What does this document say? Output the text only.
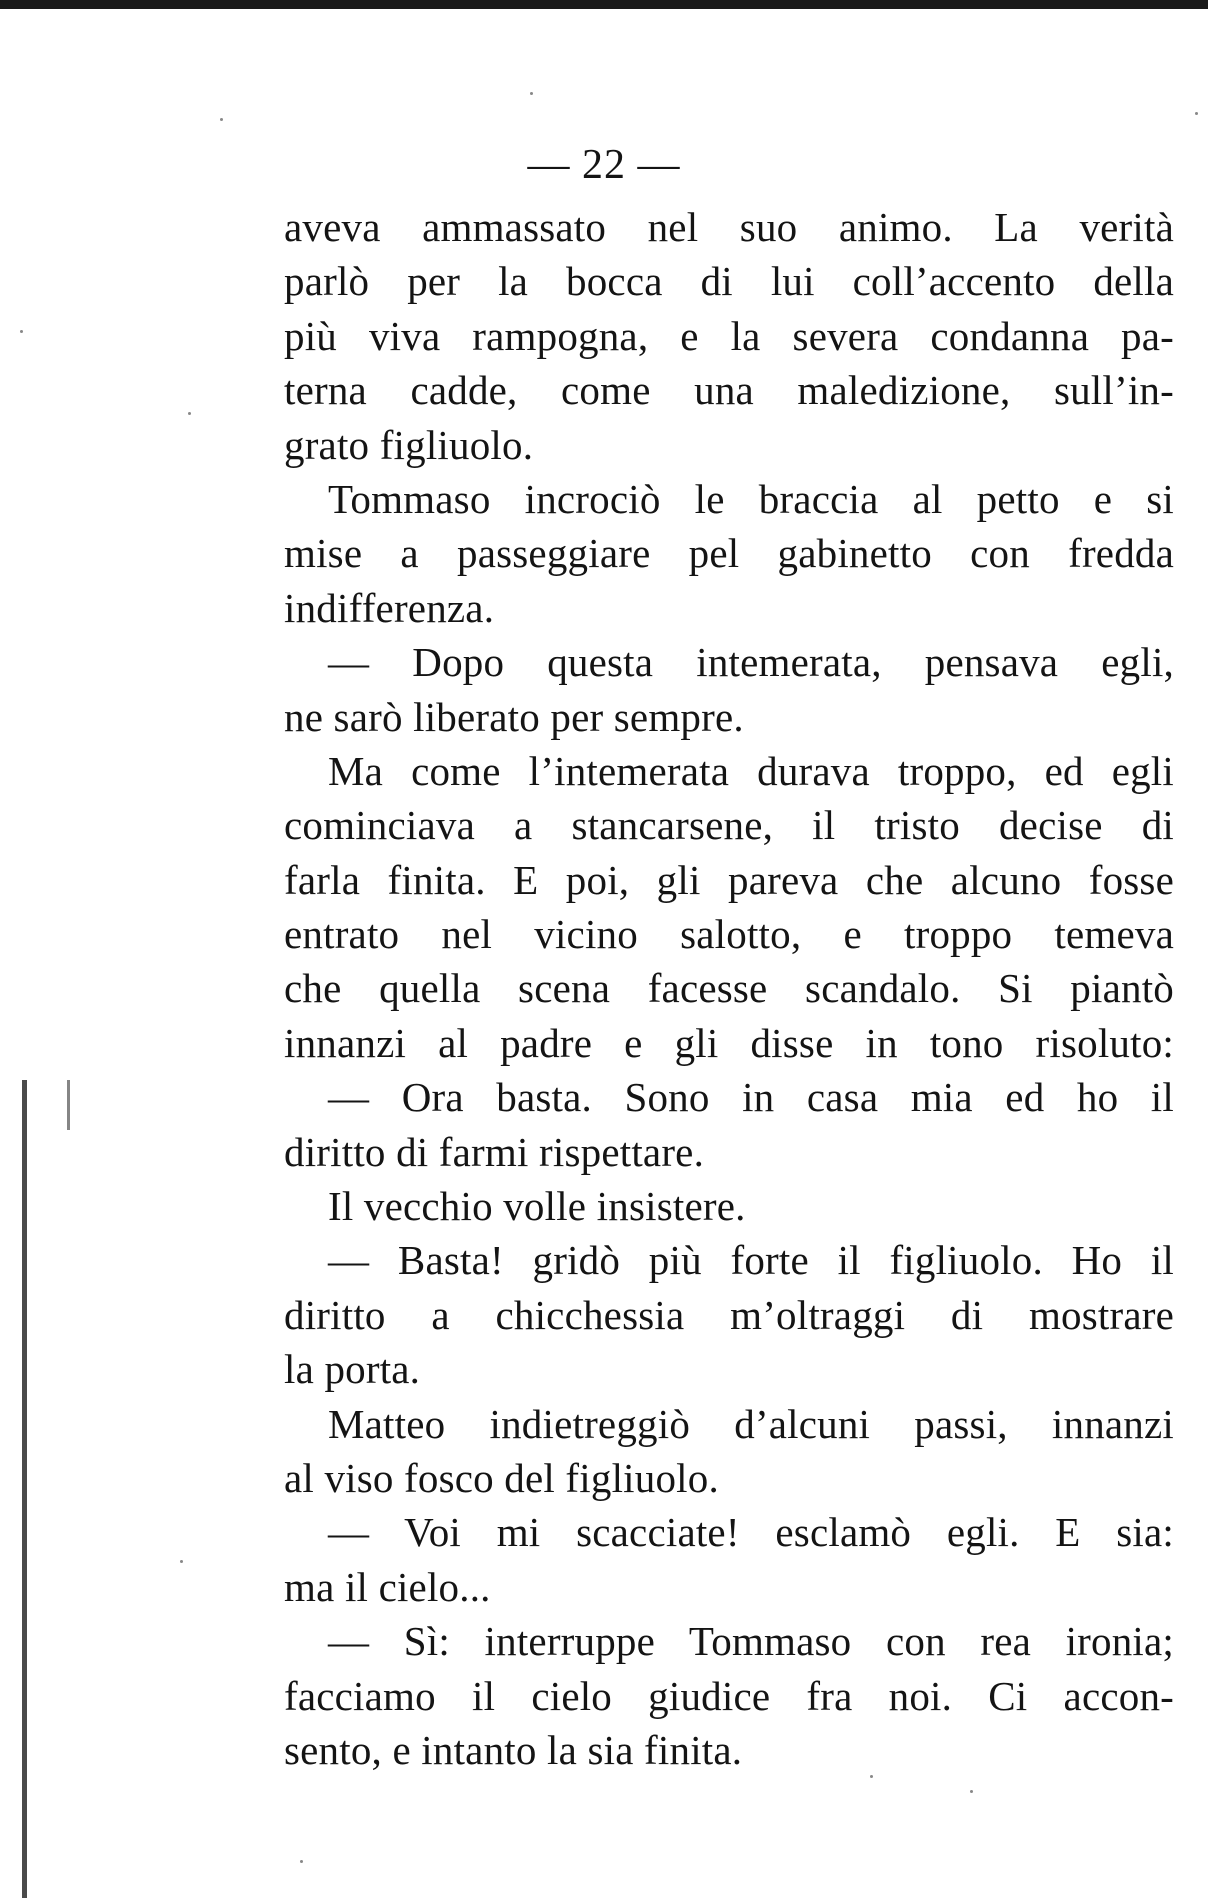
— 22 —
aveva ammassato nel suo animo. La verità
parlò per la bocca di lui coll’accento della
più viva rampogna, e la severa condanna pa-
terna cadde, come una maledizione, sull’in-
grato figliuolo.
Tommaso incrociò le braccia al petto e si
mise a passeggiare pel gabinetto con fredda
indifferenza.
— Dopo questa intemerata, pensava egli,
ne sarò liberato per sempre.
Ma come l’intemerata durava troppo, ed egli
cominciava a stancarsene, il tristo decise di
farla finita. E poi, gli pareva che alcuno fosse
entrato nel vicino salotto, e troppo temeva
che quella scena facesse scandalo. Si piantò
innanzi al padre e gli disse in tono risoluto:
— Ora basta. Sono in casa mia ed ho il
diritto di farmi rispettare.
Il vecchio volle insistere.
— Basta! gridò più forte il figliuolo. Ho il
diritto a chicchessia m’oltraggi di mostrare
la porta.
Matteo indietreggiò d’alcuni passi, innanzi
al viso fosco del figliuolo.
— Voi mi scacciate! esclamò egli. E sia:
ma il cielo...
— Sì: interruppe Tommaso con rea ironia;
facciamo il cielo giudice fra noi. Ci accon-
sento, e intanto la sia finita.
